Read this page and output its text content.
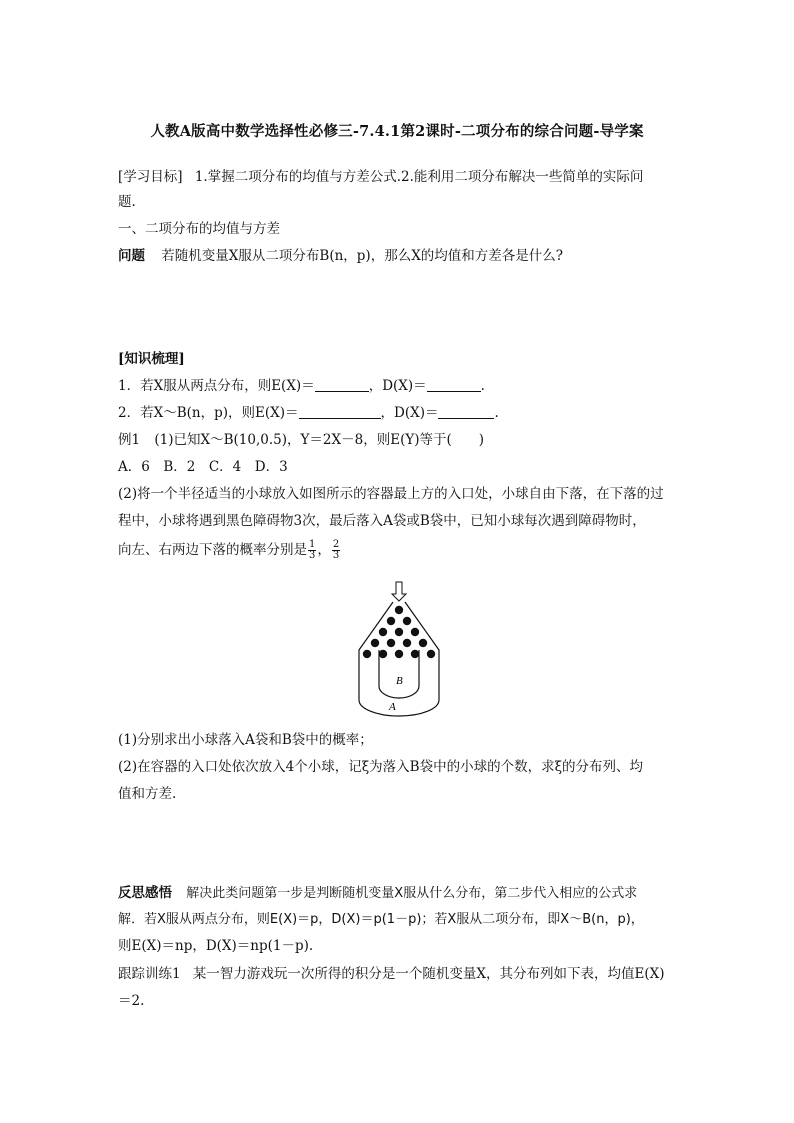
人教A版高中数学选择性必修三-7.4.1第2课时-二项分布的综合问题-导学案
[学习目标] 1.掌握二项分布的均值与方差公式.2.能利用二项分布解决一些简单的实际问
题.
一、二项分布的均值与方差
问题 若随机变量X服从二项分布B(n，p)，那么X的均值和方差各是什么?
[知识梳理]
1．若X服从两点分布，则E(X)＝	，D(X)＝	.
2．若X～B(n，p)，则E(X)＝	，D(X)＝	.
例1 (1)已知X～B(10,0.5)，Y＝2X－8，则E(Y)等于(　　)
A．6　B．2　C．4　D．3
(2)将一个半径适当的小球放入如图所示的容器最上方的入口处，小球自由下落，在下落的过
程中，小球将遇到黑色障碍物3次，最后落入A袋或B袋中，已知小球每次遇到障碍物时，
向左、右两边下落的概率分别是 $\frac{1}{3}$ ， $\frac{2}{3}$
B
A
(1)分别求出小球落入A袋和B袋中的概率；
(2)在容器的入口处依次放入4个小球，记ξ为落入B袋中的小球的个数，求ξ的分布列、均
值和方差.
反思感悟 解决此类问题第一步是判断随机变量X服从什么分布，第二步代入相应的公式求
解．若X服从两点分布，则E(X)＝p，D(X)＝p(1－p)；若X服从二项分布，即X～B(n，p)，
则E(X)＝np，D(X)＝np(1－p).
跟踪训练1 某一智力游戏玩一次所得的积分是一个随机变量X，其分布列如下表，均值E(X)
＝2.
